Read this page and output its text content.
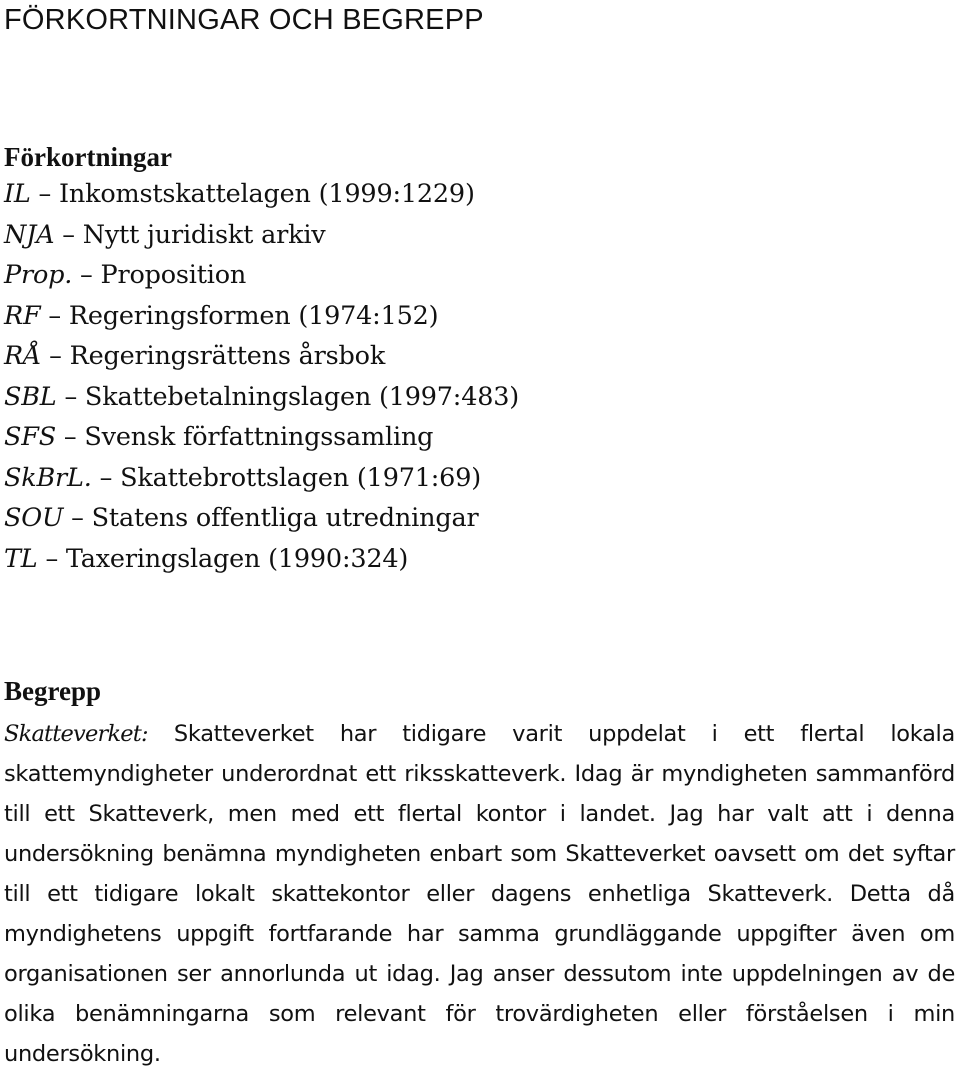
FÖRKORTNINGAR OCH BEGREPP
Förkortningar
IL – Inkomstskattelagen (1999:1229)
NJA – Nytt juridiskt arkiv
Prop. – Proposition
RF – Regeringsformen (1974:152)
RÅ – Regeringsrättens årsbok
SBL – Skattebetalningslagen (1997:483)
SFS – Svensk författningssamling
SkBrL. – Skattebrottslagen (1971:69)
SOU – Statens offentliga utredningar
TL – Taxeringslagen (1990:324)
Begrepp

Skatteverket: Skatteverket har tidigare varit uppdelat i ett flertal lokala skattemyndigheter underordnat ett riksskatteverk. Idag är myndigheten sammanförd till ett Skatteverk, men med ett flertal kontor i landet. Jag har valt att i denna undersökning benämna myndigheten enbart som Skatteverket oavsett om det syftar till ett tidigare lokalt skattekontor eller dagens enhetliga Skatteverk. Detta då myndighetens uppgift fortfarande har samma grundläggande uppgifter även om organisationen ser annorlunda ut idag. Jag anser dessutom inte uppdelningen av de olika benämningarna som relevant för trovärdigheten eller förståelsen i min undersökning.
